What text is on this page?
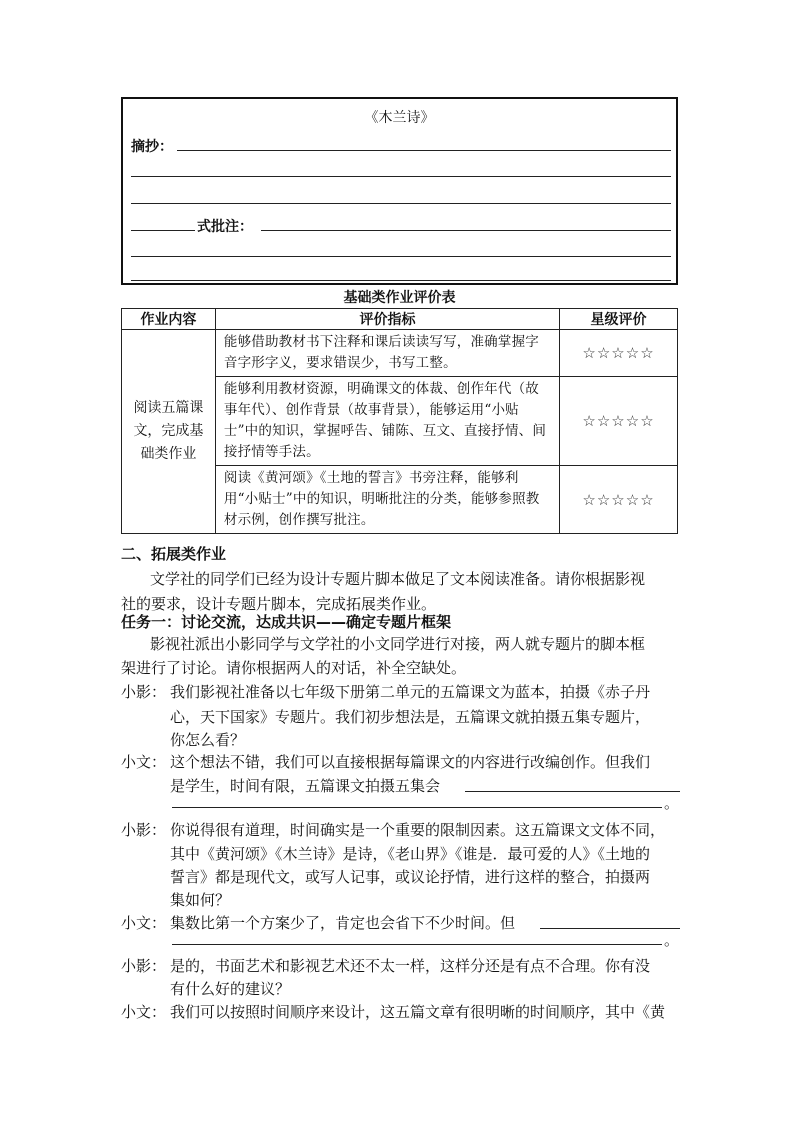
《木兰诗》
摘抄：
式批注：
基础类作业评价表
作业内容	评价指标	星级评价
阅读五篇课文，完成基础类作业	能够借助教材书下注释和课后读读写写，准确掌握字音字形字义，要求错误少，书写工整。	☆☆☆☆☆
	能够利用教材资源，明确课文的体裁、创作年代（故事年代）、创作背景（故事背景），能够运用“小贴士”中的知识，掌握呼告、铺陈、互文、直接抒情、间接抒情等手法。	☆☆☆☆☆
	阅读《黄河颂》《土地的誓言》书旁注释，能够利用“小贴士”中的知识，明晰批注的分类，能够参照教材示例，创作撰写批注。	☆☆☆☆☆
二、拓展类作业
文学社的同学们已经为设计专题片脚本做足了文本阅读准备。请你根据影视
社的要求，设计专题片脚本，完成拓展类作业。
任务一：讨论交流，达成共识——确定专题片框架
影视社派出小影同学与文学社的小文同学进行对接，两人就专题片的脚本框
架进行了讨论。请你根据两人的对话，补全空缺处。
小影： 我们影视社准备以七年级下册第二单元的五篇课文为蓝本，拍摄《赤子丹
心，天下国家》专题片。我们初步想法是，五篇课文就拍摄五集专题片，
你怎么看？
小文： 这个想法不错，我们可以直接根据每篇课文的内容进行改编创作。但我们
是学生，时间有限，五篇课文拍摄五集会
。
小影： 你说得很有道理，时间确实是一个重要的限制因素。这五篇课文文体不同，
其中《黄河颂》《木兰诗》是诗，《老山界》《谁是．最可爱的人》《土地的
誓言》都是现代文，或写人记事，或议论抒情，进行这样的整合，拍摄两
集如何？
小文： 集数比第一个方案少了，肯定也会省下不少时间。但
。
小影： 是的，书面艺术和影视艺术还不太一样，这样分还是有点不合理。你有没
有什么好的建议？
小文： 我们可以按照时间顺序来设计，这五篇文章有很明晰的时间顺序，其中《黄
